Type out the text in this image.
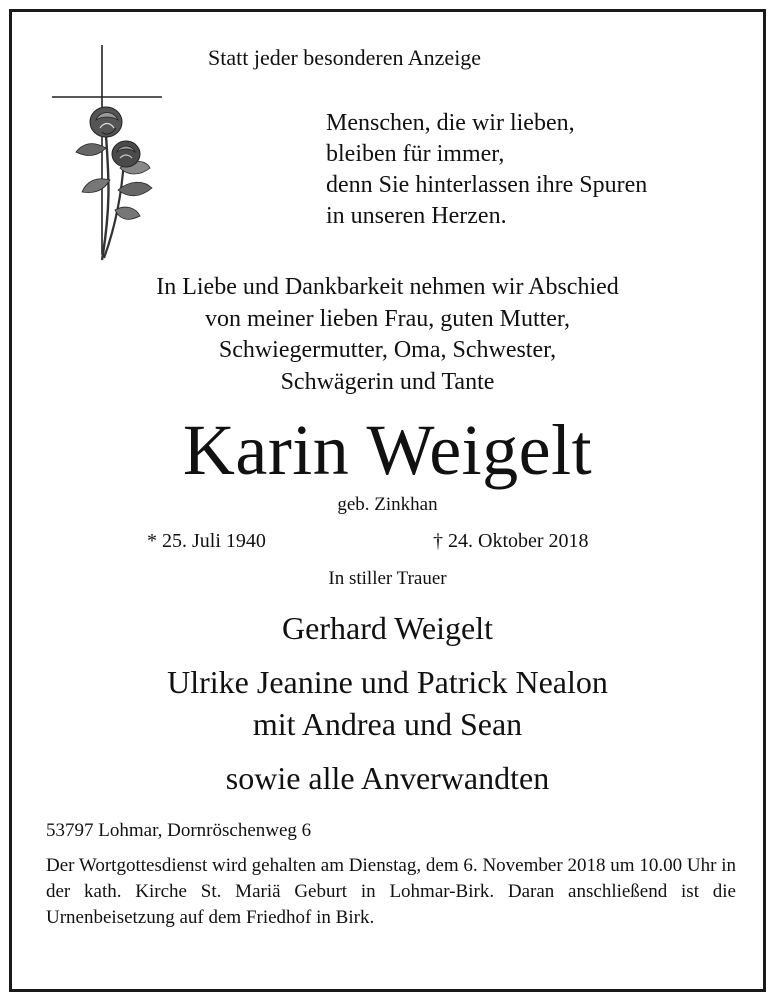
Statt jeder besonderen Anzeige

Menschen, die wir lieben,
bleiben für immer,
denn Sie hinterlassen ihre Spuren
in unseren Herzen.
In Liebe und Dankbarkeit nehmen wir Abschied
von meiner lieben Frau, guten Mutter,
Schwiegermutter, Oma, Schwester,
Schwägerin und Tante

Karin Weigelt

geb. Zinkhan

* 25. Juli 1940	† 24. Oktober 2018

In stiller Trauer

Gerhard Weigelt

Ulrike Jeanine und Patrick Nealon

mit Andrea und Sean

sowie alle Anverwandten

53797 Lohmar, Dornröschenweg 6

Der Wortgottesdienst wird gehalten am Dienstag, dem 6. November 2018 um 10.00 Uhr in der kath. Kirche St. Mariä Geburt in Lohmar-Birk. Daran anschließend ist die Urnenbeisetzung auf dem Friedhof in Birk.
